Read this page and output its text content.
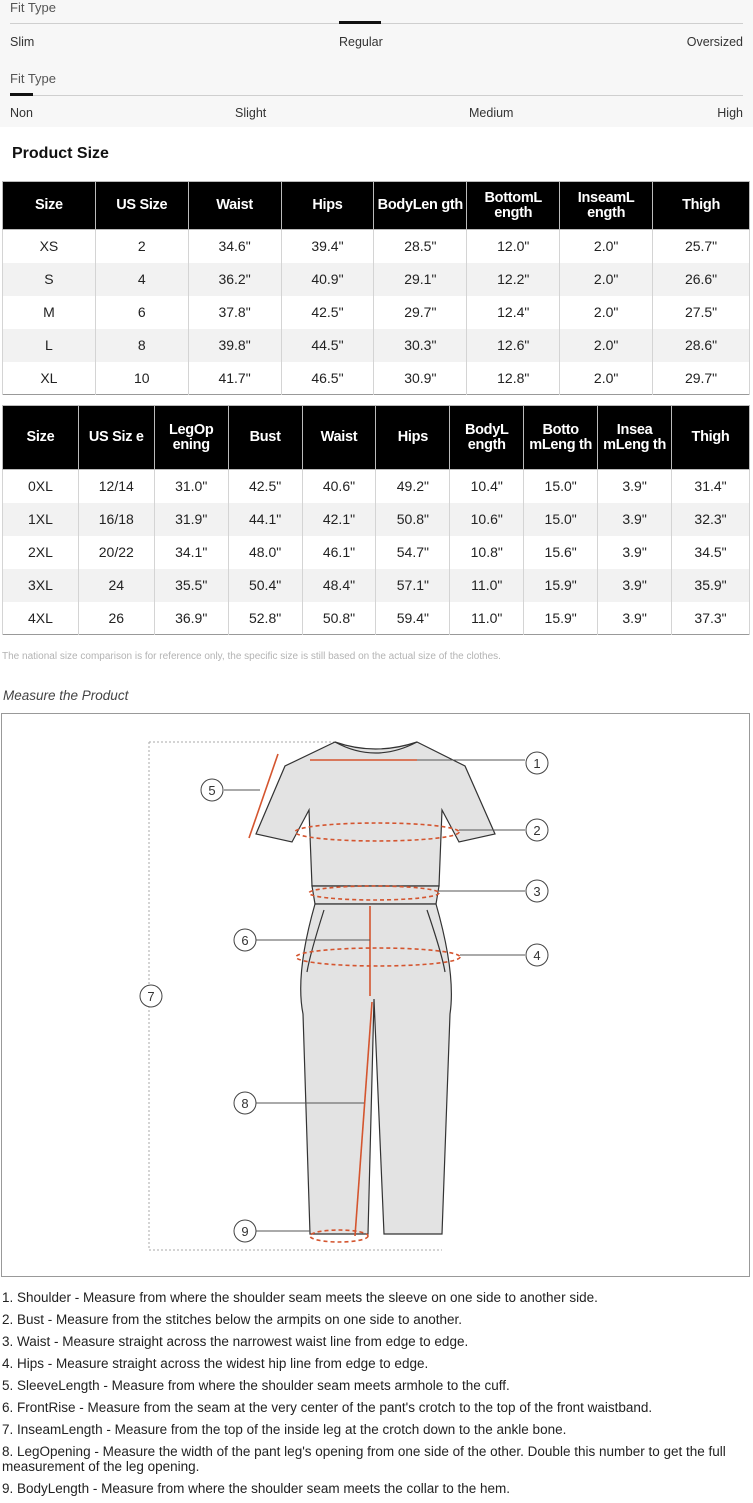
Fit Type
Slim	Regular	Oversized
Fit Type
Non	Slight	Medium	High
Product Size
Size	US Size	Waist	Hips	BodyLen gth	BottomL ength	InseamL ength	Thigh
XS	2	34.6"	39.4"	28.5"	12.0"	2.0"	25.7"
S	4	36.2"	40.9"	29.1"	12.2"	2.0"	26.6"
M	6	37.8"	42.5"	29.7"	12.4"	2.0"	27.5"
L	8	39.8"	44.5"	30.3"	12.6"	2.0"	28.6"
XL	10	41.7"	46.5"	30.9"	12.8"	2.0"	29.7"
Size	US Siz e	LegOp ening	Bust	Waist	Hips	BodyL ength	Botto mLeng th	Insea mLeng th	Thigh
0XL	12/14	31.0"	42.5"	40.6"	49.2"	10.4"	15.0"	3.9"	31.4"
1XL	16/18	31.9"	44.1"	42.1"	50.8"	10.6"	15.0"	3.9"	32.3"
2XL	20/22	34.1"	48.0"	46.1"	54.7"	10.8"	15.6"	3.9"	34.5"
3XL	24	35.5"	50.4"	48.4"	57.1"	11.0"	15.9"	3.9"	35.9"
4XL	26	36.9"	52.8"	50.8"	59.4"	11.0"	15.9"	3.9"	37.3"
The national size comparison is for reference only, the specific size is still based on the actual size of the clothes.
Measure the Product
1
2
3
4
5
6
7
8
9
1. Shoulder - Measure from where the shoulder seam meets the sleeve on one side to another side.
2. Bust - Measure from the stitches below the armpits on one side to another.
3. Waist - Measure straight across the narrowest waist line from edge to edge.
4. Hips - Measure straight across the widest hip line from edge to edge.
5. SleeveLength - Measure from where the shoulder seam meets armhole to the cuff.
6. FrontRise - Measure from the seam at the very center of the pant's crotch to the top of the front waistband.
7. InseamLength - Measure from the top of the inside leg at the crotch down to the ankle bone.
8. LegOpening - Measure the width of the pant leg's opening from one side of the other. Double this number to get the full measurement of the leg opening.
9. BodyLength - Measure from where the shoulder seam meets the collar to the hem.
